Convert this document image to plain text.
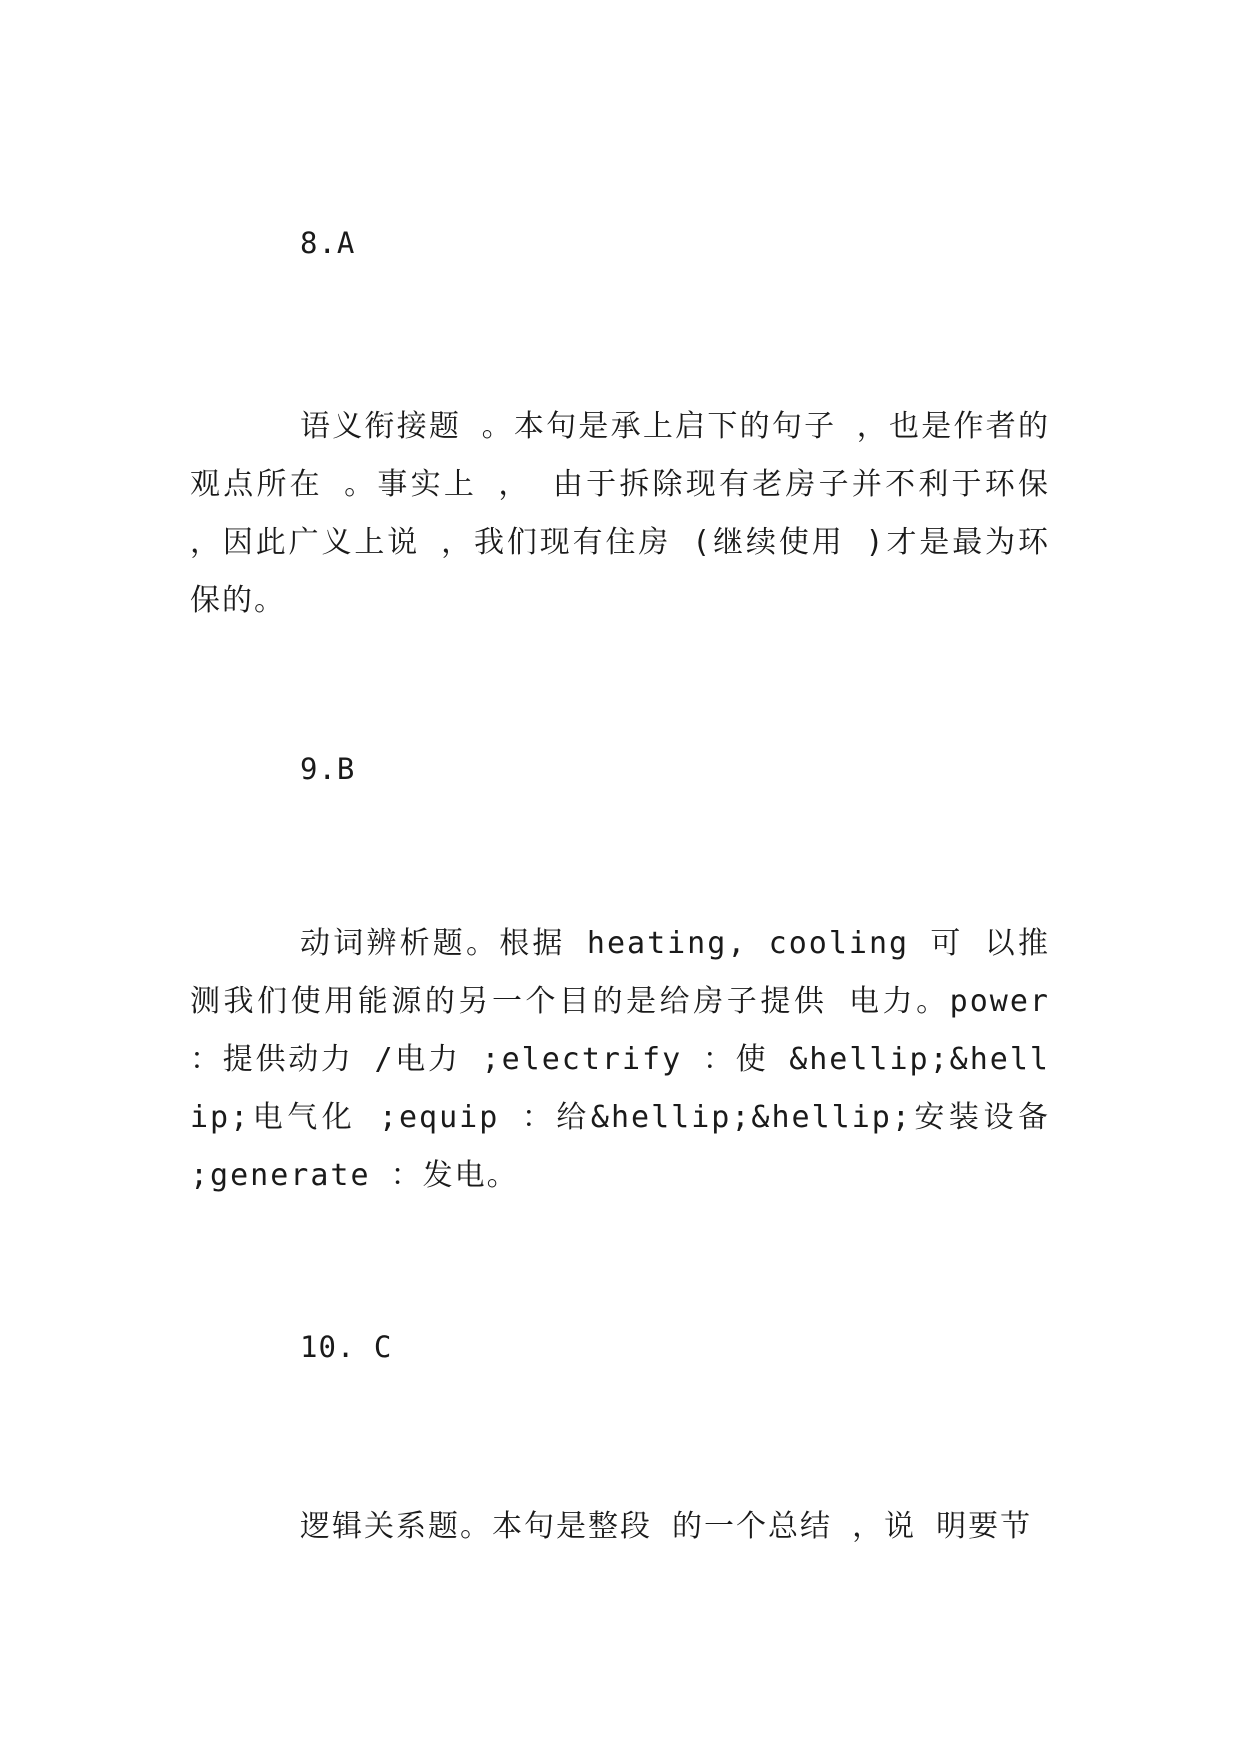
8.A

语义衔接题 。本句是承上启下的句子 ，也是作者的观点所在 。事实上 ， 由于拆除现有老房子并不利于环保 ，因此广义上说 ，我们现有住房 (继续使用 )才是最为环保的。

9.B

动词辨析题。根据 heating, cooling 可 以推测我们使用能源的另一个目的是给房子提供 电力。power ：提供动力 /电力 ;electrify ：使 &hellip;&hellip;电气化 ;equip ：给&hellip;&hellip;安装设备 ;generate ：发电。

10. C

逻辑关系题。本句是整段 的一个总结 ，说 明要节
